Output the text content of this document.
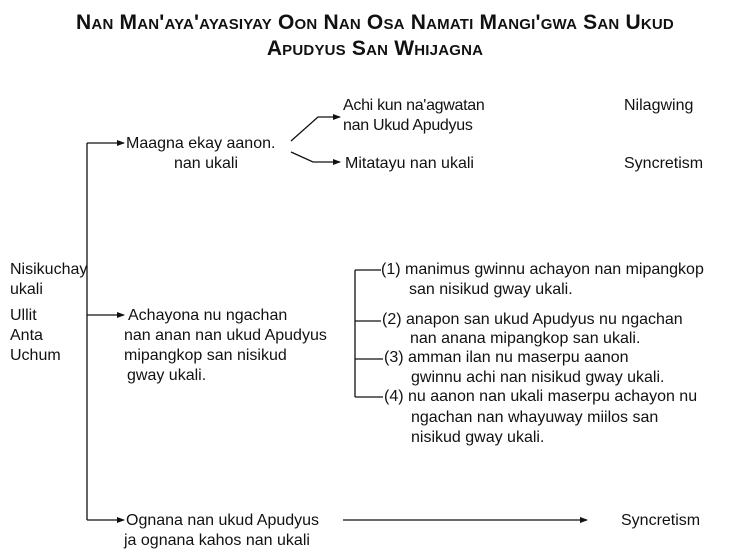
Nan Man'aya'ayasiyay Oon Nan Osa Namati Mangi'gwa San Ukud
Apudyus San Whijagna
Nisikuchay
ukali
Ullit
Anta
Uchum
Maagna ekay aanon.
nan ukali
Achi kun na'agwatan
nan Ukud Apudyus
Nilagwing
Mitatayu nan ukali	Syncretism
Achayona nu ngachan
nan anan nan ukud Apudyus
mipangkop san nisikud
gway ukali.
(1) manimus gwinnu achayon nan mipangkop
san nisikud gway ukali.
(2) anapon san ukud Apudyus nu ngachan
nan anana mipangkop san ukali.
(3) amman ilan nu maserpu aanon
gwinnu achi nan nisikud gway ukali.
(4) nu aanon nan ukali maserpu achayon nu
ngachan nan whayuway miilos san
nisikud gway ukali.
Ognana nan ukud Apudyus
ja ognana kahos nan ukali
Syncretism
